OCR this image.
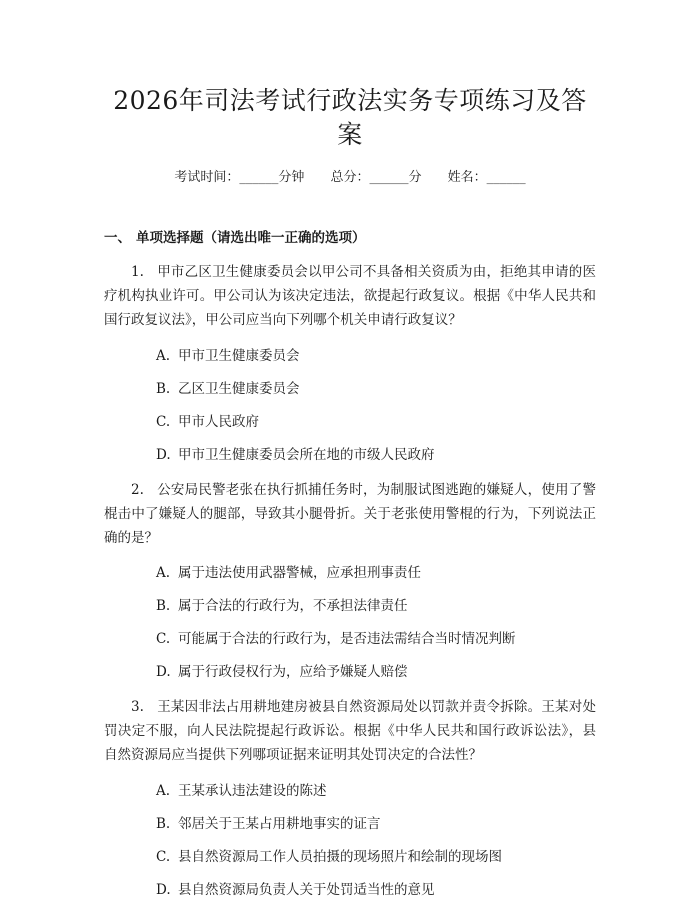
2026年司法考试行政法实务专项练习及答案
考试时间：______分钟 总分：______分 姓名：______
一、 单项选择题（请选出唯一正确的选项）

1. 甲市乙区卫生健康委员会以甲公司不具备相关资质为由，拒绝其申请的医疗机构执业许可。甲公司认为该决定违法，欲提起行政复议。根据《中华人民共和国行政复议法》，甲公司应当向下列哪个机关申请行政复议？

A. 甲市卫生健康委员会
B. 乙区卫生健康委员会
C. 甲市人民政府
D. 甲市卫生健康委员会所在地的市级人民政府

2. 公安局民警老张在执行抓捕任务时，为制服试图逃跑的嫌疑人，使用了警棍击中了嫌疑人的腿部，导致其小腿骨折。关于老张使用警棍的行为，下列说法正确的是？

A. 属于违法使用武器警械，应承担刑事责任
B. 属于合法的行政行为，不承担法律责任
C. 可能属于合法的行政行为，是否违法需结合当时情况判断
D. 属于行政侵权行为，应给予嫌疑人赔偿

3. 王某因非法占用耕地建房被县自然资源局处以罚款并责令拆除。王某对处罚决定不服，向人民法院提起行政诉讼。根据《中华人民共和国行政诉讼法》，县自然资源局应当提供下列哪项证据来证明其处罚决定的合法性？

A. 王某承认违法建设的陈述
B. 邻居关于王某占用耕地事实的证言
C. 县自然资源局工作人员拍摄的现场照片和绘制的现场图
D. 县自然资源局负责人关于处罚适当性的意见
